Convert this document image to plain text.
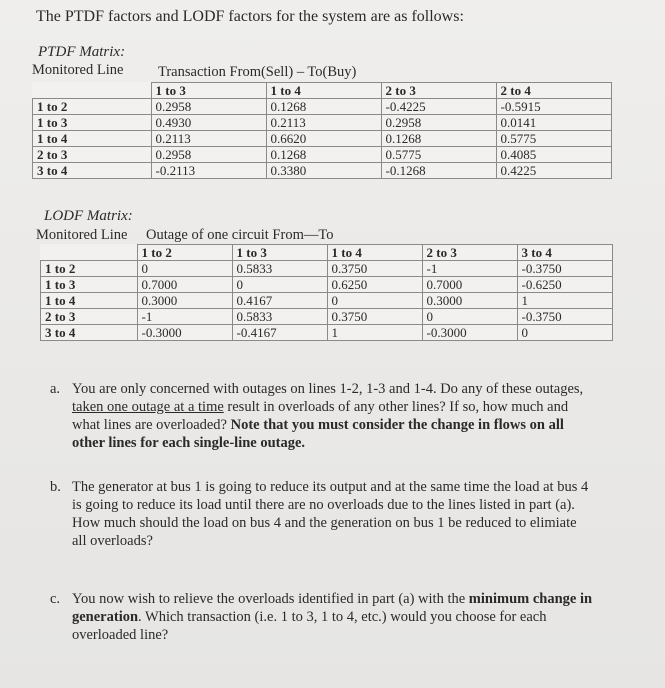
The PTDF factors and LODF factors for the system are as follows:
PTDF Matrix:
Monitored Line Transaction From(Sell) – To(Buy)
	1 to 3	1 to 4	2 to 3	2 to 4
1 to 2	0.2958	0.1268	-0.4225	-0.5915
1 to 3	0.4930	0.2113	0.2958	0.0141
1 to 4	0.2113	0.6620	0.1268	0.5775
2 to 3	0.2958	0.1268	0.5775	0.4085
3 to 4	-0.2113	0.3380	-0.1268	0.4225
LODF Matrix:
Monitored Line Outage of one circuit From—To
	1 to 2	1 to 3	1 to 4	2 to 3	3 to 4
1 to 2	0	0.5833	0.3750	-1	-0.3750
1 to 3	0.7000	0	0.6250	0.7000	-0.6250
1 to 4	0.3000	0.4167	0	0.3000	1
2 to 3	-1	0.5833	0.3750	0	-0.3750
3 to 4	-0.3000	-0.4167	1	-0.3000	0
a. You are only concerned with outages on lines 1-2, 1-3 and 1-4. Do any of these outages,
taken one outage at a time result in overloads of any other lines? If so, how much and
what lines are overloaded? Note that you must consider the change in flows on all
other lines for each single-line outage.
b. The generator at bus 1 is going to reduce its output and at the same time the load at bus 4
is going to reduce its load until there are no overloads due to the lines listed in part (a).
How much should the load on bus 4 and the generation on bus 1 be reduced to elimiate
all overloads?
c. You now wish to relieve the overloads identified in part (a) with the minimum change in
generation. Which transaction (i.e. 1 to 3, 1 to 4, etc.) would you choose for each
overloaded line?
